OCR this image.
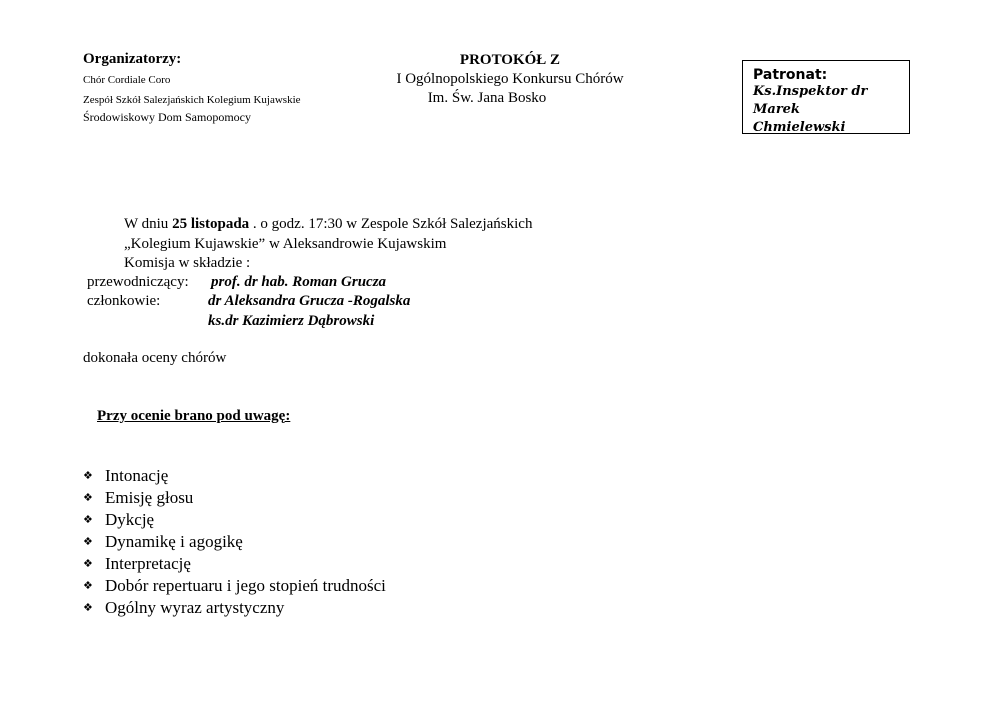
Organizatorzy:
Chór Cordiale Coro
Zespół Szkół Salezjańskich Kolegium Kujawskie
Środowiskowy Dom Samopomocy
PROTOKÓŁ Z
I Ogólnopolskiego Konkursu Chórów
Im. Św. Jana Bosko
Patronat:
Ks.Inspektor dr Marek
Chmielewski
W dniu 25 listopada . o godz. 17:30 w Zespole Szkół Salezjańskich
„Kolegium Kujawskie” w Aleksandrowie Kujawskim
Komisja w składzie :
przewodniczący: prof. dr hab. Roman Grucza
członkowie:	dr Aleksandra Grucza -Rogalska
ks.dr Kazimierz Dąbrowski
dokonała oceny chórów
Przy ocenie brano pod uwagę:
❖ Intonację
❖ Emisję głosu
❖ Dykcję
❖ Dynamikę i agogikę
❖ Interpretację
❖ Dobór repertuaru i jego stopień trudności
❖ Ogólny wyraz artystyczny
